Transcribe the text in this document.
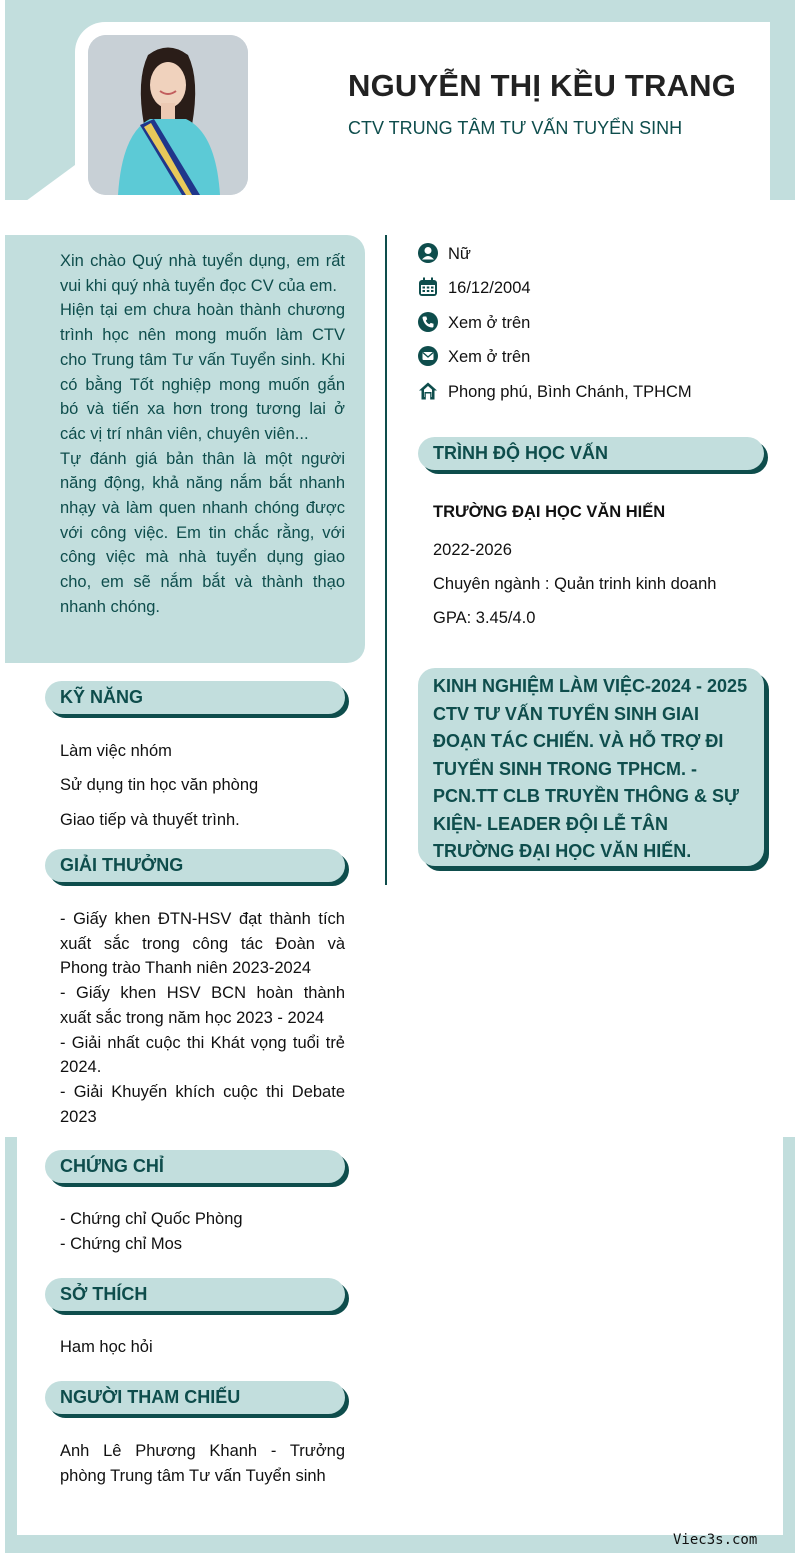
NGUYỄN THỊ KỀU TRANG
CTV TRUNG TÂM TƯ VẤN TUYỂN SINH

Xin chào Quý nhà tuyển dụng, em rất vui khi quý nhà tuyển đọc CV của em.

Hiện tại em chưa hoàn thành chương trình học nên mong muốn làm CTV cho Trung tâm Tư vấn Tuyển sinh. Khi có bằng Tốt nghiệp mong muốn gắn bó và tiến xa hơn trong tương lai ở các vị trí nhân viên, chuyên viên...

Tự đánh giá bản thân là một người năng động, khả năng nắm bắt nhanh nhạy và làm quen nhanh chóng được với công việc. Em tin chắc rằng, với công việc mà nhà tuyển dụng giao cho, em sẽ nắm bắt và thành thạo nhanh chóng.

Nữ
16/12/2004
Xem ở trên
Xem ở trên
Phong phú, Bình Chánh, TPHCM
TRÌNH ĐỘ HỌC VẤN
TRƯỜNG ĐẠI HỌC VĂN HIẾN
2022-2026
Chuyên ngành : Quản trinh kinh doanh
GPA: 3.45/4.0
KINH NGHIỆM LÀM VIỆC-2024 - 2025 CTV TƯ VẤN TUYỂN SINH GIAI ĐOẠN TÁC CHIẾN. VÀ HỖ TRỢ ĐI TUYỂN SINH TRONG TPHCM. - PCN.TT CLB TRUYỀN THÔNG & SỰ KIỆN- LEADER ĐỘI LỄ TÂN TRƯỜNG ĐẠI HỌC VĂN HIẾN.
KỸ NĂNG
Làm việc nhóm
Sử dụng tin học văn phòng
Giao tiếp và thuyết trình.
GIẢI THƯỞNG

- Giấy khen ĐTN-HSV đạt thành tích xuất sắc trong công tác Đoàn và Phong trào Thanh niên 2023-2024

- Giấy khen HSV BCN hoàn thành xuất sắc trong năm học 2023 - 2024

- Giải nhất cuộc thi Khát vọng tuổi trẻ 2024.

- Giải Khuyến khích cuộc thi Debate 2023

CHỨNG CHỈ

- Chứng chỉ Quốc Phòng

- Chứng chỉ Mos

SỞ THÍCH
Ham học hỏi
NGƯỜI THAM CHIẾU

Anh Lê Phương Khanh - Trưởng phòng Trung tâm Tư vấn Tuyển sinh

Viec3s.com
